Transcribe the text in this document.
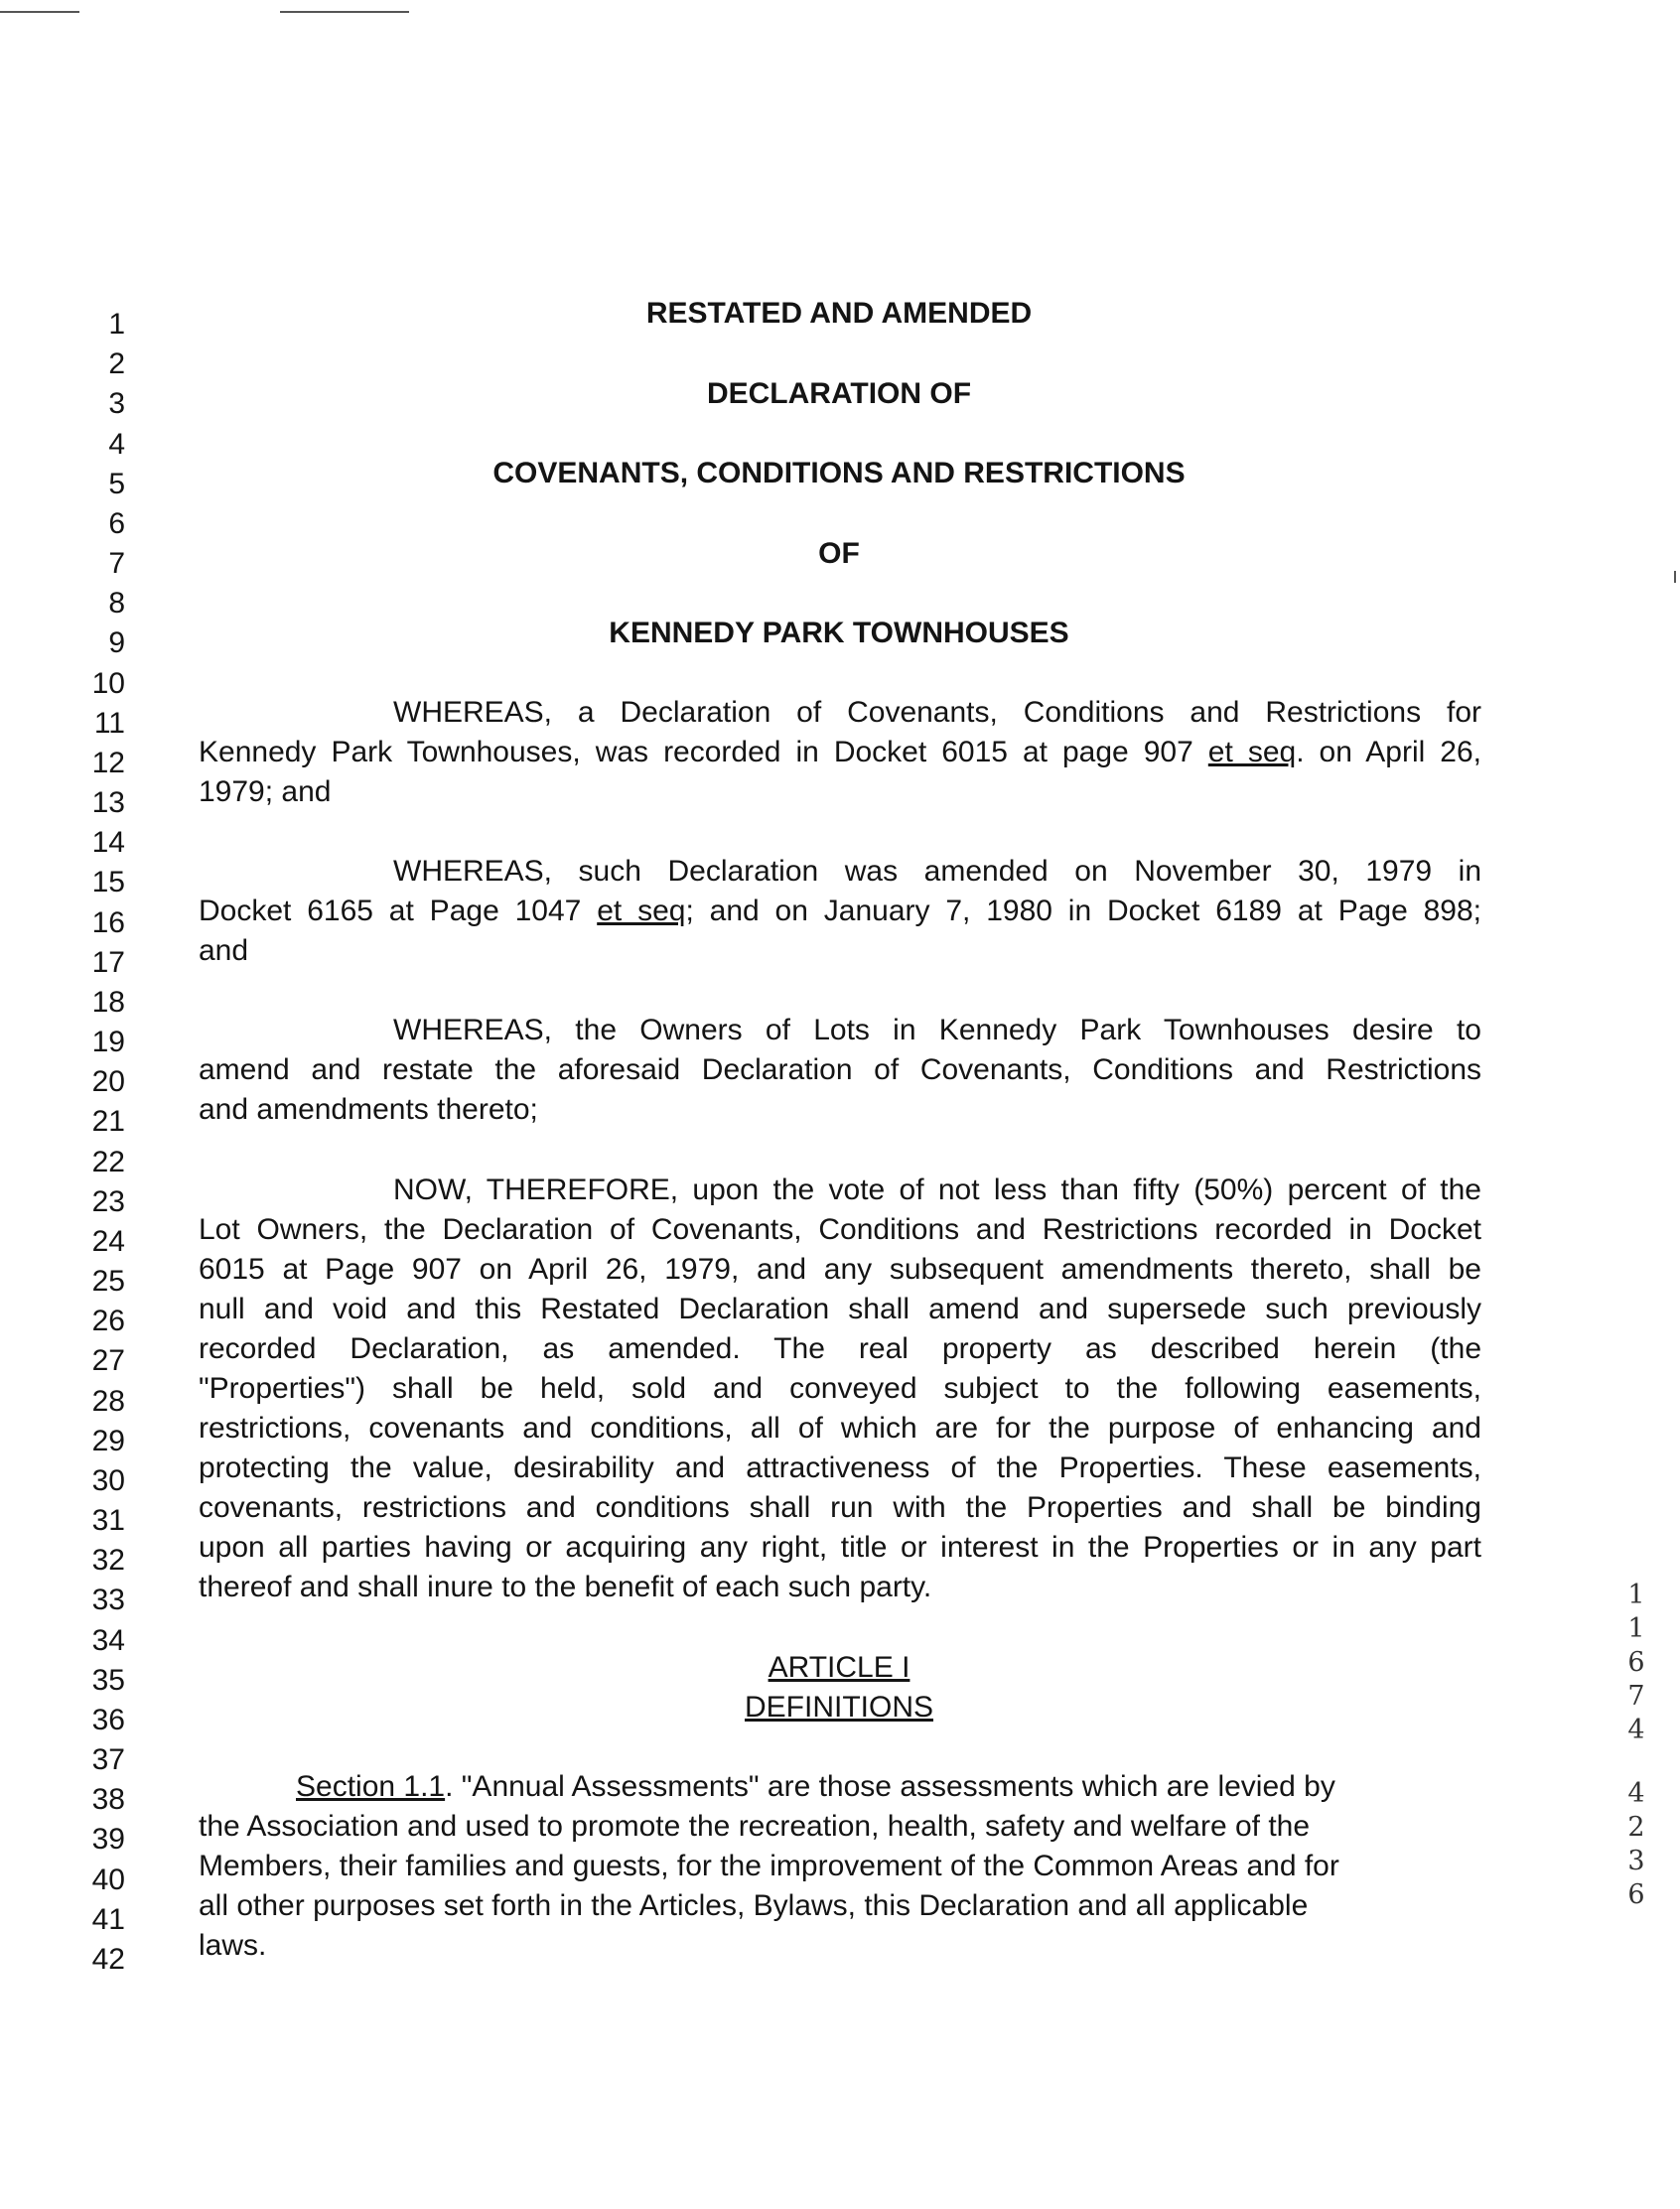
1
2
3
4
5
6
7
8
9
10
11
12
13
14
15
16
17
18
19
20
21
22
23
24
25
26
27
28
29
30
31
32
33
34
35
36
37
38
39
40
41
42
RESTATED AND AMENDED
DECLARATION OF
COVENANTS, CONDITIONS AND RESTRICTIONS
OF
KENNEDY PARK TOWNHOUSES
WHEREAS, a Declaration of Covenants, Conditions and Restrictions for
Kennedy Park Townhouses, was recorded in Docket 6015 at page 907 et seq. on April 26,
1979; and
WHEREAS, such Declaration was amended on November 30, 1979 in
Docket 6165 at Page 1047 et seq; and on January 7, 1980 in Docket 6189 at Page 898;
and
WHEREAS, the Owners of Lots in Kennedy Park Townhouses desire to
amend and restate the aforesaid Declaration of Covenants, Conditions and Restrictions
and amendments thereto;
NOW, THEREFORE, upon the vote of not less than fifty (50%) percent of the
Lot Owners, the Declaration of Covenants, Conditions and Restrictions recorded in Docket
6015 at Page 907 on April 26, 1979, and any subsequent amendments thereto, shall be
null and void and this Restated Declaration shall amend and supersede such previously
recorded Declaration, as amended. The real property as described herein (the
"Properties") shall be held, sold and conveyed subject to the following easements,
restrictions, covenants and conditions, all of which are for the purpose of enhancing and
protecting the value, desirability and attractiveness of the Properties. These easements,
covenants, restrictions and conditions shall run with the Properties and shall be binding
upon all parties having or acquiring any right, title or interest in the Properties or in any part
thereof and shall inure to the benefit of each such party.
ARTICLE I
DEFINITIONS
Section 1.1. "Annual Assessments" are those assessments which are levied by
the Association and used to promote the recreation, health, safety and welfare of the
Members, their families and guests, for the improvement of the Common Areas and for
all other purposes set forth in the Articles, Bylaws, this Declaration and all applicable
laws.
1
1
6
7
4
4
2
3
6
